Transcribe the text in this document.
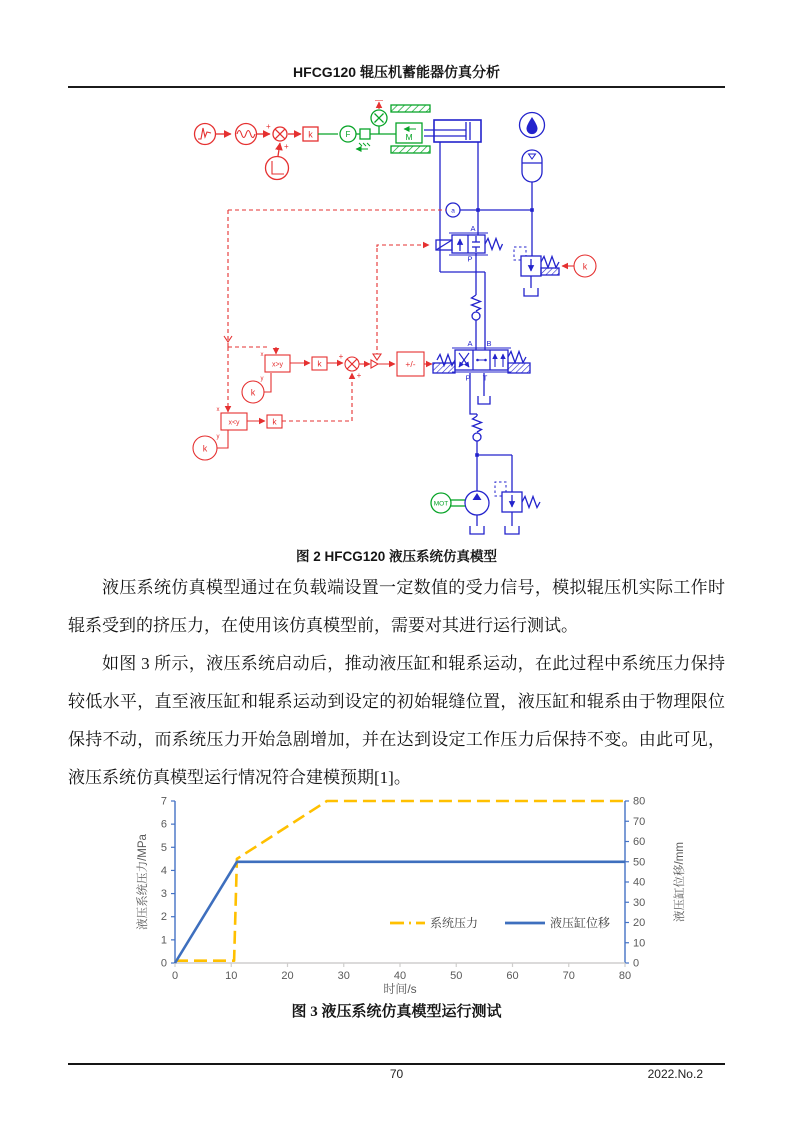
HFCG120 辊压机蓄能器仿真分析
+
+
k	M
F
a
A
P
A B
P T
MOT
x>y
x<y
k
k
k
k
k
+/-
+
+
x
y
x
y
图 2 HFCG120 液压系统仿真模型

液压系统仿真模型通过在负载端设置一定数值的受力信号，模拟辊压机实际工作时辊系受到的挤压力，在使用该仿真模型前，需要对其进行运行测试。

如图 3 所示，液压系统启动后，推动液压缸和辊系运动，在此过程中系统压力保持较低水平，直至液压缸和辊系运动到设定的初始辊缝位置，液压缸和辊系由于物理限位保持不动，而系统压力开始急剧增加，并在达到设定工作压力后保持不变。由此可见，液压系统仿真模型运行情况符合建模预期[1]。

0
1
2
3
4
5
6
7
0
10
20
30
40
50
60
70
80
0	10	20	30	40	50	60	70	80
液压系统压力/MPa	液压缸位移/mm
时间/s
系统压力	液压缸位移
图 3 液压系统仿真模型运行测试
70	2022.No.2
